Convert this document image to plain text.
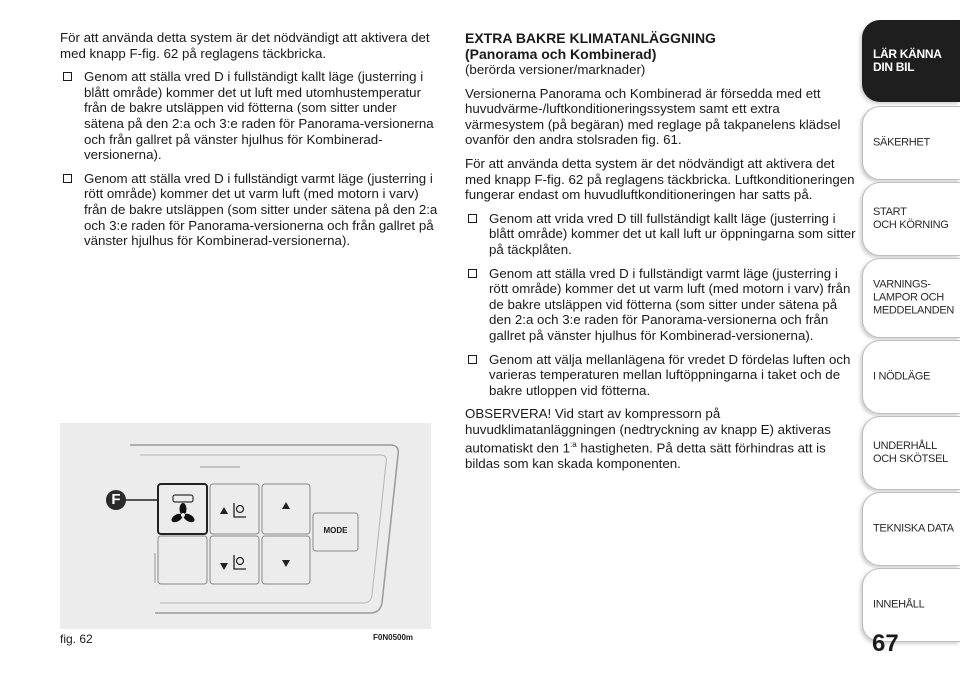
För att använda detta system är det nödvändigt att aktivera det med knapp F-fig. 62 på reglagens täckbricka.

Genom att ställa vred D i fullständigt kallt läge (justerring i blått område) kommer det ut luft med utomhustemperatur från de bakre utsläppen vid fötterna (som sitter under sätena på den 2:a och 3:e raden för Panorama-versionerna och från gallret på vänster hjulhus för Kombinerad-versionerna).
Genom att ställa vred D i fullständigt varmt läge (justerring i rött område) kommer det ut varm luft (med motorn i varv) från de bakre utsläppen (som sitter under sätena på den 2:a och 3:e raden för Panorama-versionerna och från gallret på vänster hjulhus för Kombinerad-versionerna).

EXTRA BAKRE KLIMATANLÄGGNING

(Panorama och Kombinerad)

(berörda versioner/marknader)

Versionerna Panorama och Kombinerad är försedda med ett huvudvärme-/luftkonditioneringssystem samt ett extra värmesystem (på begäran) med reglage på takpanelens klädsel ovanför den andra stolsraden fig. 61.

För att använda detta system är det nödvändigt att aktivera det med knapp F-fig. 62 på reglagens täckbricka. Luftkonditioneringen fungerar endast om huvudluftkonditioneringen har satts på.

Genom att vrida vred D till fullständigt kallt läge (justerring i blått område) kommer det ut kall luft ur öppningarna som sitter på täckplåten.
Genom att ställa vred D i fullständigt varmt läge (justerring i rött område) kommer det ut varm luft (med motorn i varv) från de bakre utsläppen vid fötterna (som sitter under sätena på den 2:a och 3:e raden för Panorama-versionerna och från gallret på vänster hjulhus för Kombinerad-versionerna).
Genom att välja mellanlägena för vredet D fördelas luften och varieras temperaturen mellan luftöppningarna i taket och de bakre utloppen vid fötterna.

OBSERVERA! Vid start av kompressorn på huvudklimatanläggningen (nedtryckning av knapp E) aktiveras automatiskt den $1^{:a}$ hastigheten. På detta sätt förhindras att is bildas som kan skada komponenten.

F
MODE
fig. 62	F0N0500m
LÄR KÄNNA
DIN BIL
SÄKERHET
START
OCH KÖRNING
VARNINGS-
LAMPOR OCH
MEDDELANDEN
I NÖDLÄGE
UNDERHÅLL
OCH SKÖTSEL
TEKNISKA DATA
INNEHÅLL
67
